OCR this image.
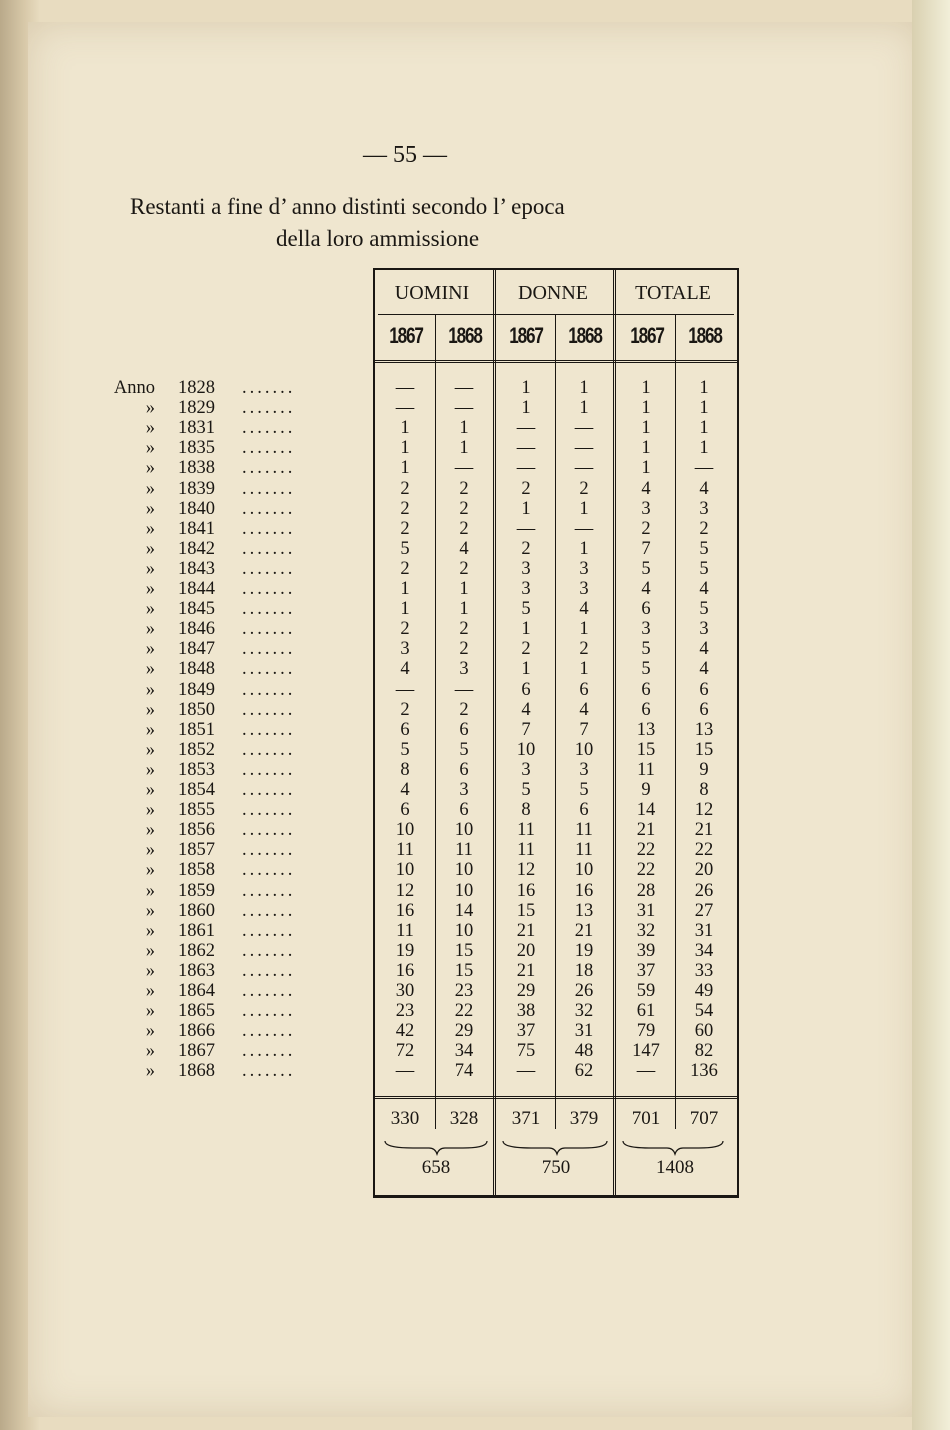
— 55 —
Restanti a fine d’ anno distinti secondo l’ epoca
della loro ammissione
UOMINI	DONNE	TOTALE
1867 1868 1867 1868 1867 1868
Anno 1828 .......	—	—	1	1	1	1
» 1829 .......	—	—	1	1	1	1
» 1831 .......	1	1	—	—	1	1
» 1835 .......	1	1	—	—	1	1
» 1838 .......	1	—	—	—	1	—
» 1839 .......	2	2	2	2	4	4
» 1840 .......	2	2	1	1	3	3
» 1841 .......	2	2	—	—	2	2
» 1842 .......	5	4	2	1	7	5
» 1843 .......	2	2	3	3	5	5
» 1844 .......	1	1	3	3	4	4
» 1845 .......	1	1	5	4	6	5
» 1846 .......	2	2	1	1	3	3
» 1847 .......	3	2	2	2	5	4
» 1848 .......	4	3	1	1	5	4
» 1849 .......	—	—	6	6	6	6
» 1850 .......	2	2	4	4	6	6
» 1851 .......	6	6	7	7	13	13
» 1852 .......	5	5	10	10	15	15
» 1853 .......	8	6	3	3	11	9
» 1854 .......	4	3	5	5	9	8
» 1855 .......	6	6	8	6	14	12
» 1856 .......	10	10	11	11	21	21
» 1857 .......	11	11	11	11	22	22
» 1858 .......	10	10	12	10	22	20
» 1859 .......	12	10	16	16	28	26
» 1860 .......	16	14	15	13	31	27
» 1861 .......	11	10	21	21	32	31
» 1862 .......	19	15	20	19	39	34
» 1863 .......	16	15	21	18	37	33
» 1864 .......	30	23	29	26	59	49
» 1865 .......	23	22	38	32	61	54
» 1866 .......	42	29	37	31	79	60
» 1867 .......	72	34	75	48	147	82
» 1868 .......	—	74	—	62	—	136
330	328	371	379	701	707
658	750	1408
